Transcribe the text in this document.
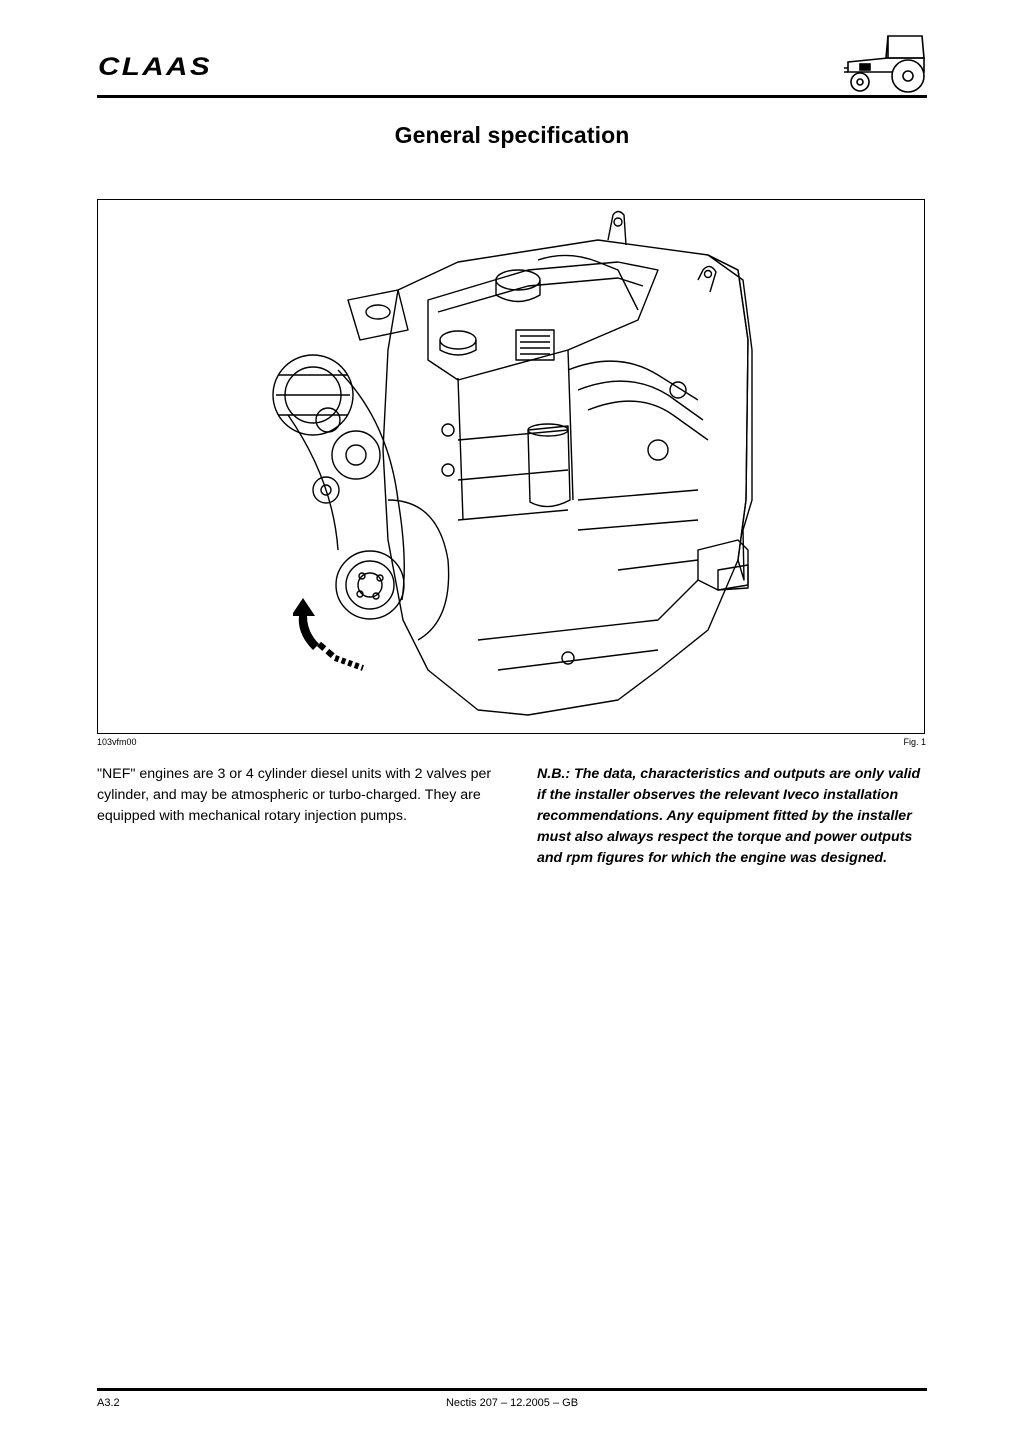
CLAAS
General specification
103vfm00	Fig. 1
"NEF" engines are 3 or 4 cylinder diesel units with 2 valves per cylinder, and may be atmospheric or turbo-charged. They are equipped with mechanical rotary injection pumps.
N.B.: The data, characteristics and outputs are only valid if the installer observes the relevant Iveco installation recommendations. Any equipment fitted by the installer must also always respect the torque and power outputs and rpm figures for which the engine was designed.
A3.2	Nectis 207 – 12.2005 – GB
